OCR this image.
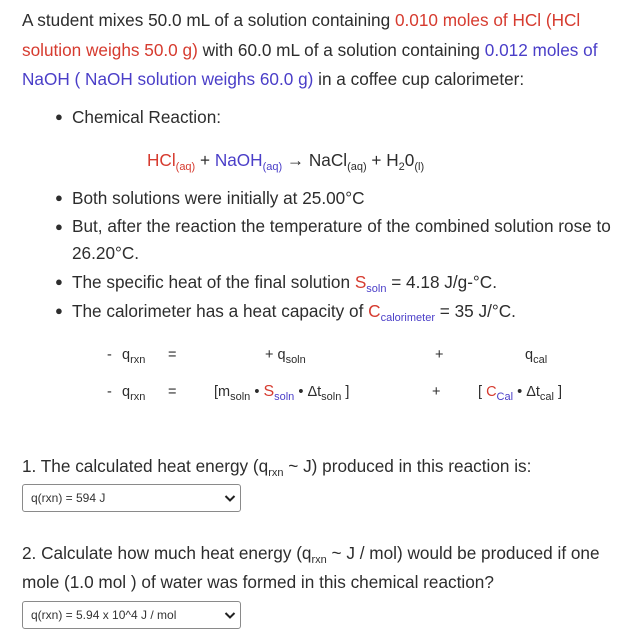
A student mixes 50.0 mL of a solution containing 0.010 moles of HCl (HCl solution weighs 50.0 g) with 60.0 mL of a solution containing 0.012 moles of NaOH ( NaOH solution weighs 60.0 g) in a coffee cup calorimeter:
● Chemical Reaction:
HCl$_{(aq)}$ + NaOH$_{(aq)}$ → NaCl$_{(aq)}$ + $H_20_{(l)}$
● Both solutions were initially at 25.00°C
● But, after the reaction the temperature of the combined solution rose to 26.20°C.
● The specific heat of the final solution $S_{soln} = 4.18$ J/g-°C.
● The calorimeter has a heat capacity of $C_{calorimeter} = 35$ J/°C.
- $q_{rxn}$ =	+ $q_{soln}$	+	$q_{cal}$
- $q_{rxn}$ =	[$m_{soln}$ • $S_{soln}$ • $\Delta t_{soln}$ ]	+	[ $C_{Cal}$ • $\Delta t_{cal}$ ]
1. The calculated heat energy ($q_{rxn}$ ~ J) produced in this reaction is:
q(rxn) = 594 J
2. Calculate how much heat energy ($q_{rxn}$ ~ J / mol) would be produced if one mole (1.0 mol ) of water was formed in this chemical reaction?
q(rxn) = 5.94 x 10^4 J / mol
